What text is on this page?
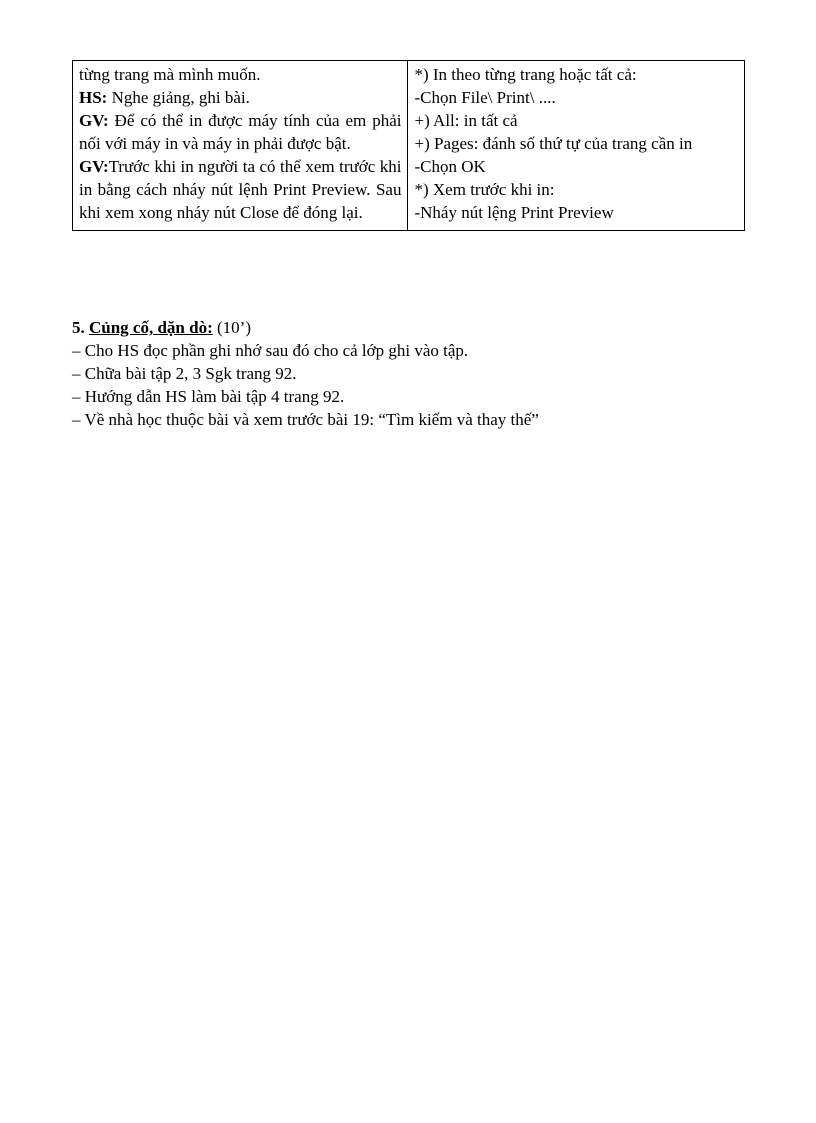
từng trang mà mình muốn.
HS: Nghe giảng, ghi bài.
GV: Để có thể in được máy tính của em phải nối với máy in và máy in phải được bật.
GV:Trước khi in người ta có thể xem trước khi in bằng cách nháy nút lệnh Print Preview. Sau khi xem xong nháy nút Close để đóng lại.

*) In theo từng trang hoặc tất cả:
-Chọn File\ Print\ ....
+) All: in tất cả
+) Pages: đánh số thứ tự của trang cần in
-Chọn OK
*) Xem trước khi in:
-Nháy nút lệng Print Preview
5. Củng cố, dặn dò: (10’)
– Cho HS đọc phần ghi nhớ sau đó cho cả lớp ghi vào tập.
– Chữa bài tập 2, 3 Sgk trang 92.
– Hướng dẫn HS làm bài tập 4 trang 92.
– Về nhà học thuộc bài và xem trước bài 19: “Tìm kiếm và thay thế”
